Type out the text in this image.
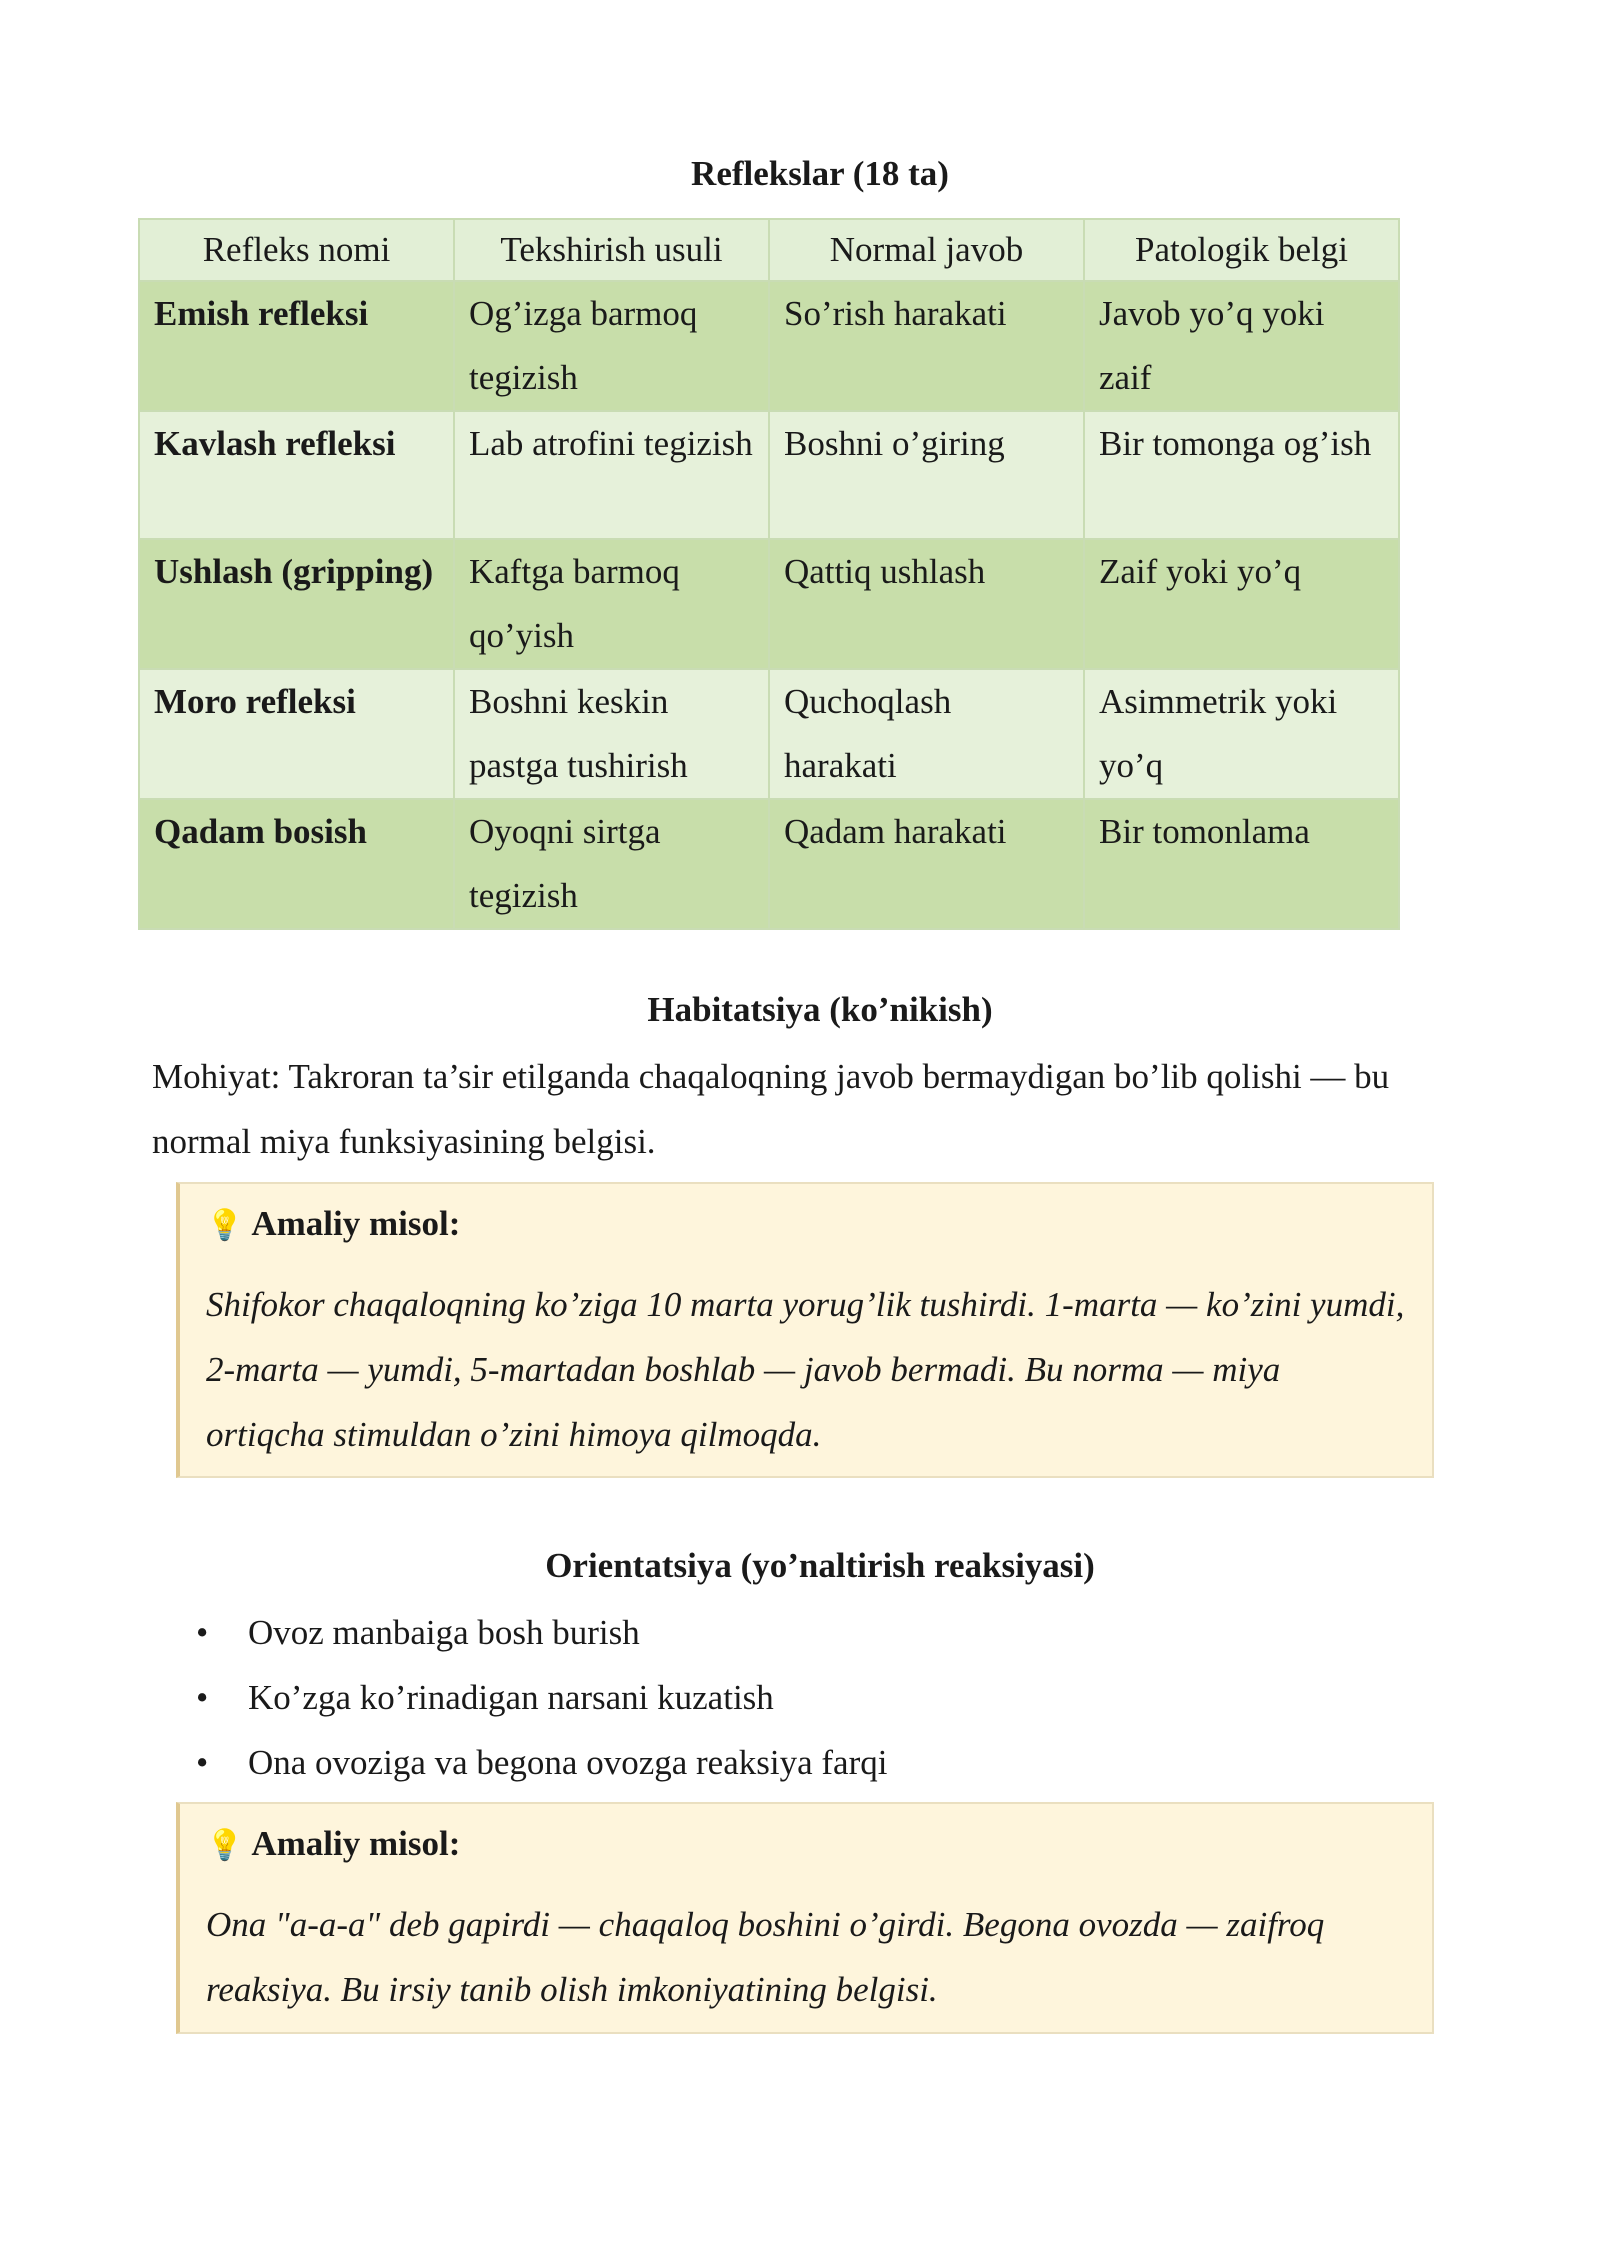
Reflekslar (18 ta)
Refleks nomi	Tekshirish usuli	Normal javob	Patologik belgi
Emish refleksi	Og’izga barmoq tegizish	So’rish harakati	Javob yo’q yoki zaif
Kavlash refleksi	Lab atrofini tegizish	Boshni o’giring	Bir tomonga og’ish
Ushlash (gripping)	Kaftga barmoq qo’yish	Qattiq ushlash	Zaif yoki yo’q
Moro refleksi	Boshni keskin pastga tushirish	Quchoqlash harakati	Asimmetrik yoki yo’q
Qadam bosish	Oyoqni sirtga tegizish	Qadam harakati	Bir tomonlama
Habitatsiya (ko’nikish)
Mohiyat: Takroran ta’sir etilganda chaqaloqning javob bermaydigan bo’lib qolishi — bu normal miya funksiyasining belgisi.
💡 Amaliy misol:
Shifokor chaqaloqning ko’ziga 10 marta yorug’lik tushirdi. 1-marta — ko’zini yumdi, 2-marta — yumdi, 5-martadan boshlab — javob bermadi. Bu norma — miya ortiqcha stimuldan o’zini himoya qilmoqda.
Orientatsiya (yo’naltirish reaksiyasi)
• Ovoz manbaiga bosh burish
• Ko’zga ko’rinadigan narsani kuzatish
• Ona ovoziga va begona ovozga reaksiya farqi
💡 Amaliy misol:
Ona "a-a-a" deb gapirdi — chaqaloq boshini o’girdi. Begona ovozda — zaifroq reaksiya. Bu irsiy tanib olish imkoniyatining belgisi.
